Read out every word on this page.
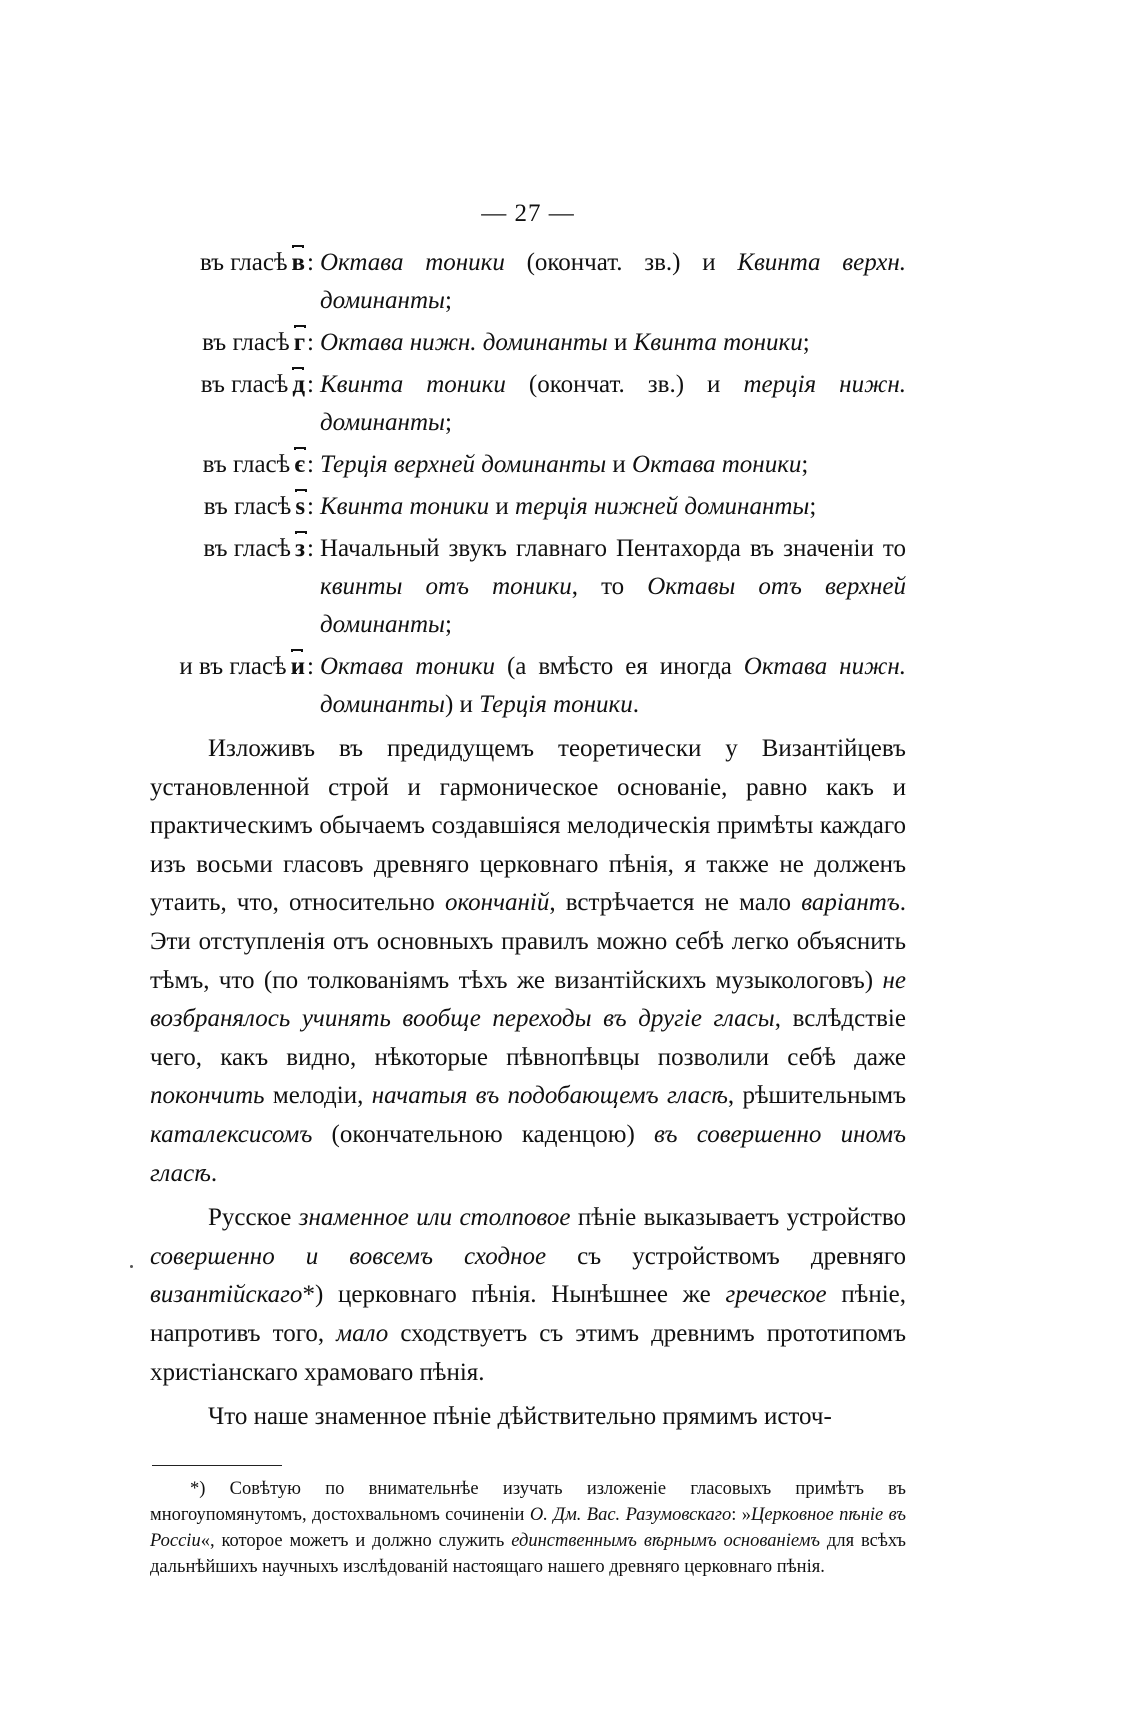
— 27 —
въ гласѣ в: Октава тоники (окончат. зв.) и Квинта верхн. доминанты;
въ гласѣ г: Октава нижн. доминанты и Квинта тоники;
въ гласѣ д: Квинта тоники (окончат. зв.) и терція нижн. доминанты;
въ гласѣ є: Терція верхней доминанты и Октава тоники;
въ гласѣ ѕ: Квинта тоники и терція нижней доминанты;
въ гласѣ з: Начальный звукъ главнаго Пентахорда въ значеніи то квинты отъ тоники, то Октавы отъ верхней доминанты;
и въ гласѣ и: Октава тоники (а вмѣсто ея иногда Октава нижн. доминанты) и Терція тоники.

Изложивъ въ предидущемъ теоретически у Византійцевъ установленной строй и гармоническое основаніе, равно какъ и практическимъ обычаемъ создавшіяся мелодическія примѣты каждаго изъ восьми гласовъ древняго церковнаго пѣнія, я также не долженъ утаить, что, относительно окончаній, встрѣчается не мало варіантъ. Эти отступленія отъ основныхъ правилъ можно себѣ легко объяснить тѣмъ, что (по толкованіямъ тѣхъ же византійскихъ музыкологовъ) не возбранялось учинять вообще переходы въ другіе гласы, вслѣдствіе чего, какъ видно, нѣкоторые пѣвнопѣвцы позволили себѣ даже покончить мелодіи, начатыя въ подобающемъ гласѣ, рѣшительнымъ каталексисомъ (окончательною каденцою) въ совершенно иномъ гласѣ.

Русское знаменное или столповое пѣніе выказываетъ устройство совершенно и вовсемъ сходное съ устройствомъ древняго византійскаго*) церковнаго пѣнія. Нынѣшнее же греческое пѣніе, напротивъ того, мало сходствуетъ съ этимъ древнимъ прототипомъ христіанскаго храмоваго пѣнія.

Что наше знаменное пѣніе дѣйствительно прямимъ источ-

*) Совѣтую по внимательнѣе изучать изложеніе гласовыхъ примѣтъ въ многоупомянутомъ, достохвальномъ сочиненіи О. Дм. Вас. Разумовскаго: »Церковное пѣніе въ Россіи«, которое можетъ и должно служить единственнымъ вѣрнымъ основаніемъ для всѣхъ дальнѣйшихъ научныхъ изслѣдованій настоящаго нашего древняго церковнаго пѣнія.
